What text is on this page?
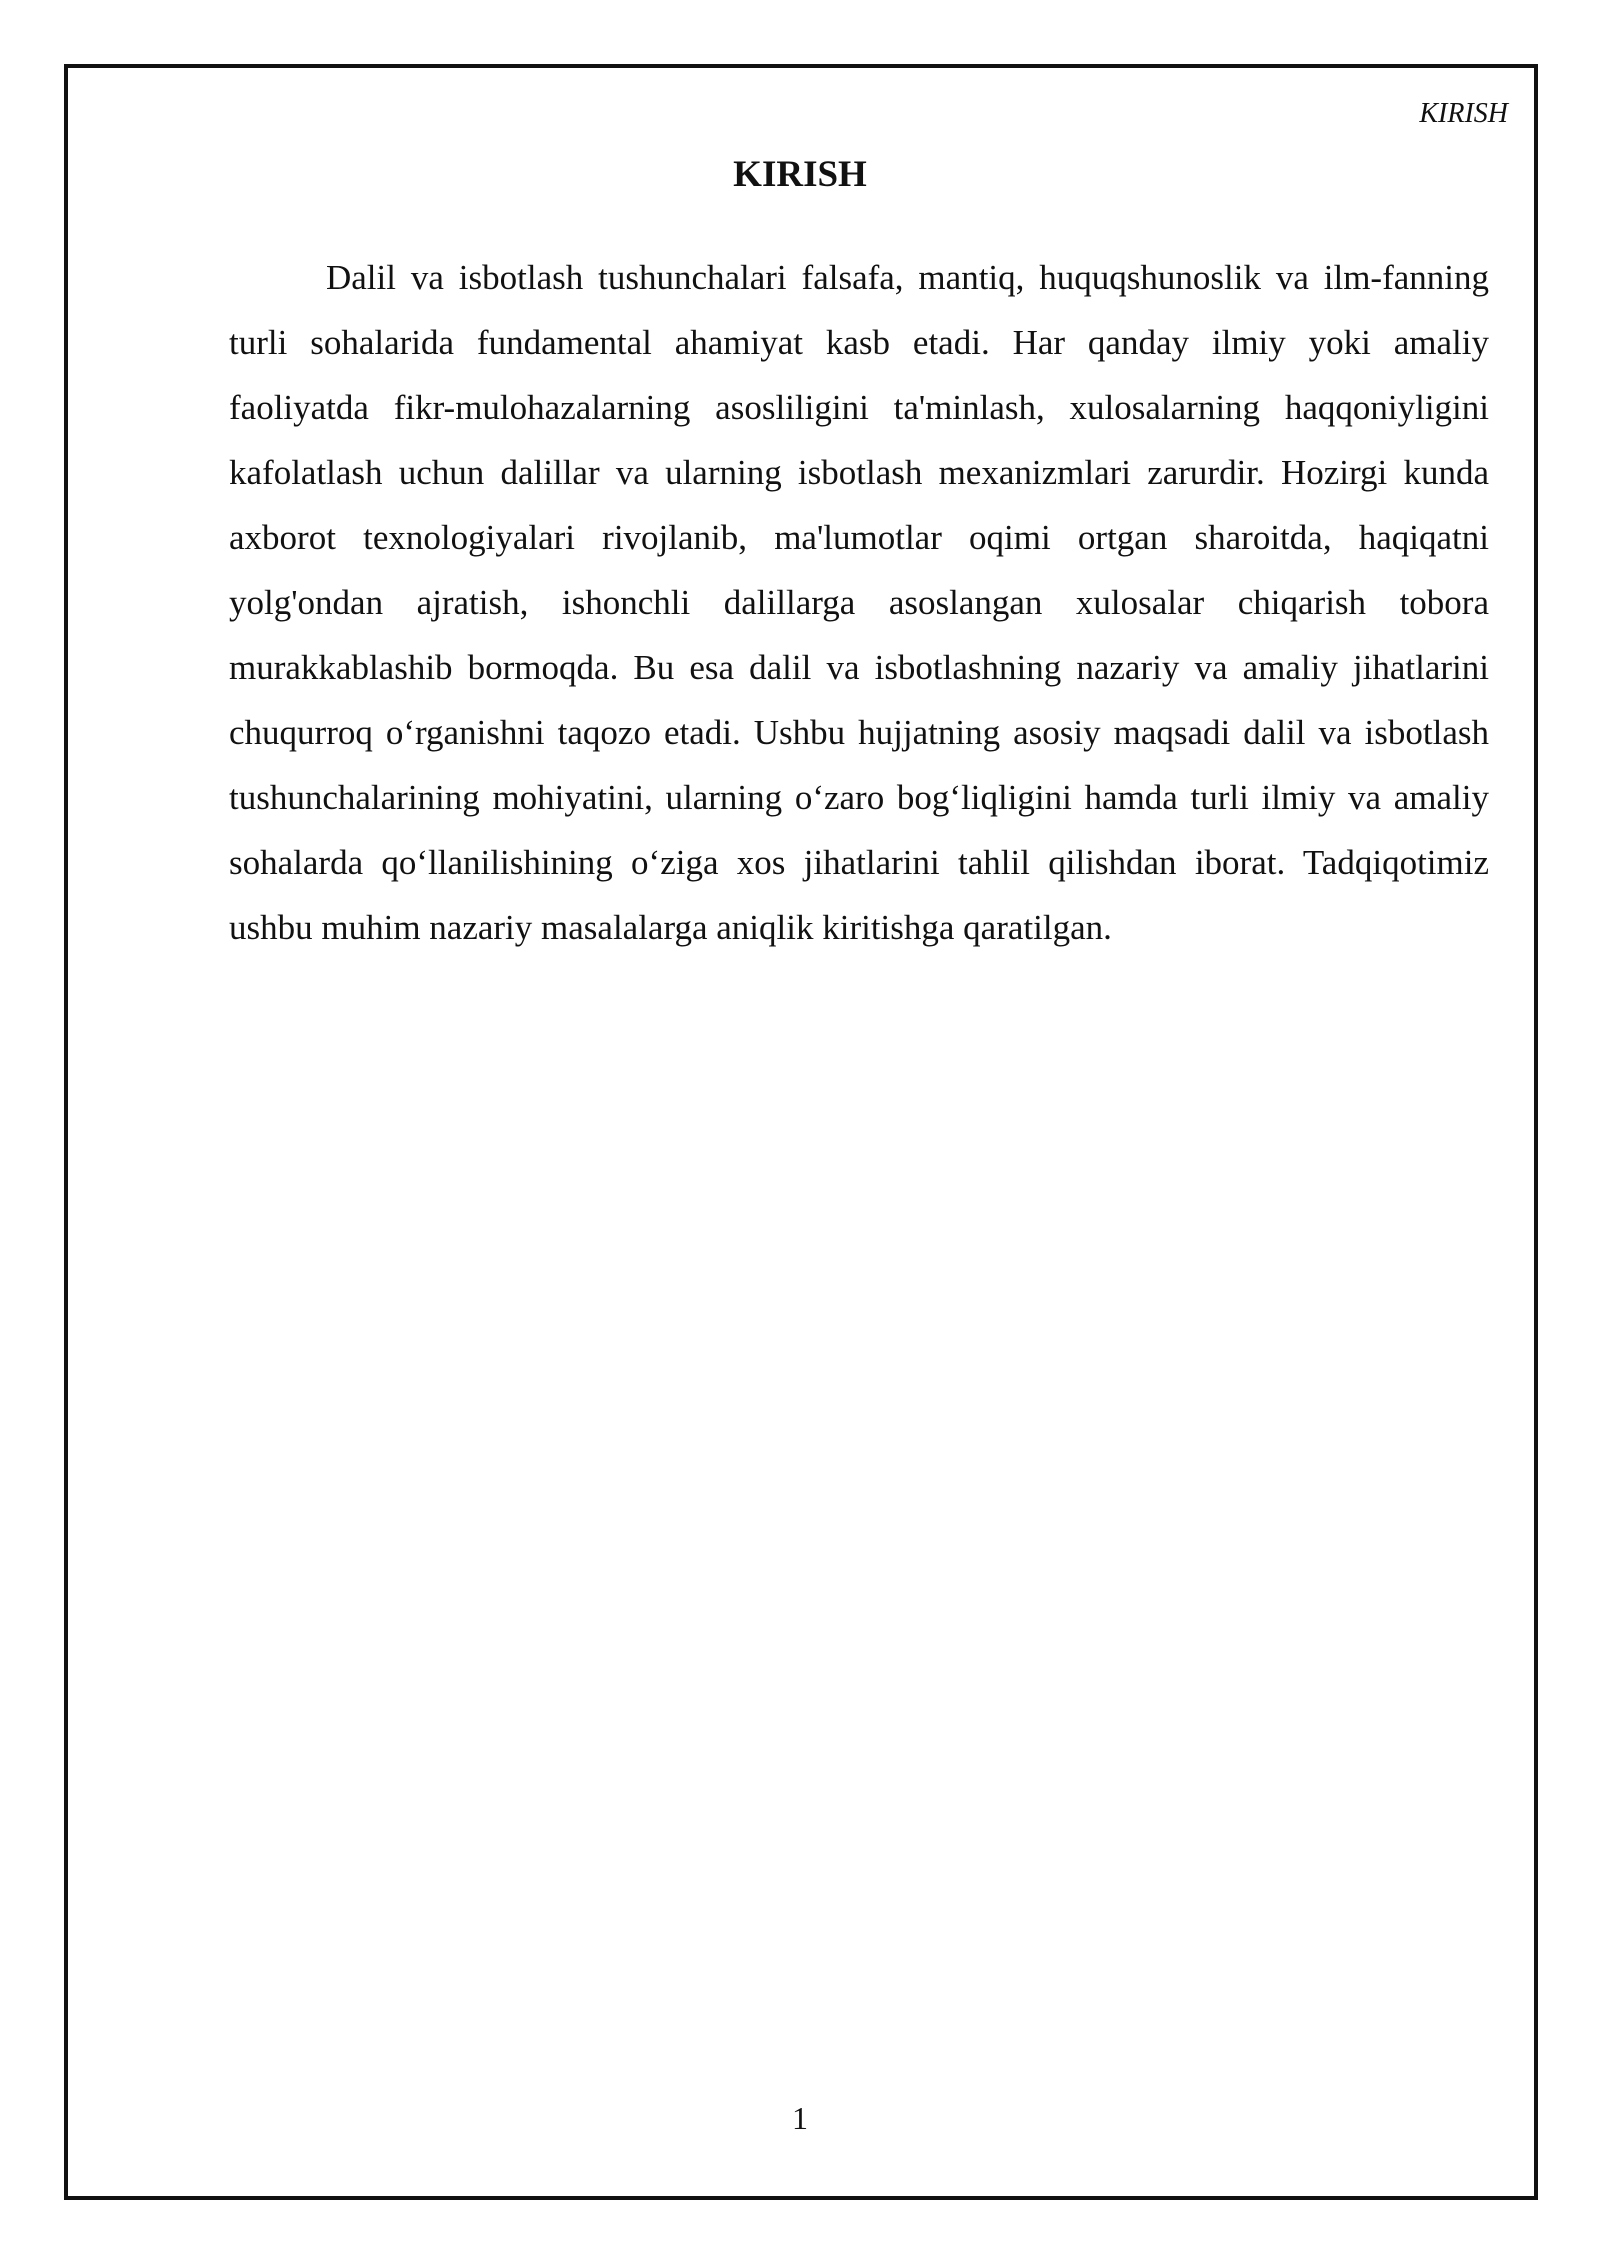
KIRISH
KIRISH

Dalil va isbotlash tushunchalari falsafa, mantiq, huquqshunoslik va ilm-fanning turli sohalarida fundamental ahamiyat kasb etadi. Har qanday ilmiy yoki amaliy faoliyatda fikr-mulohazalarning asosliligini ta'minlash, xulosalarning haqqoniyligini kafolatlash uchun dalillar va ularning isbotlash mexanizmlari zarurdir. Hozirgi kunda axborot texnologiyalari rivojlanib, ma'lumotlar oqimi ortgan sharoitda, haqiqatni yolg'ondan ajratish, ishonchli dalillarga asoslangan xulosalar chiqarish tobora murakkablashib bormoqda. Bu esa dalil va isbotlashning nazariy va amaliy jihatlarini chuqurroq o‘rganishni taqozo etadi. Ushbu hujjatning asosiy maqsadi dalil va isbotlash tushunchalarining mohiyatini, ularning o‘zaro bog‘liqligini hamda turli ilmiy va amaliy sohalarda qo‘llanilishining o‘ziga xos jihatlarini tahlil qilishdan iborat. Tadqiqotimiz ushbu muhim nazariy masalalarga aniqlik kiritishga qaratilgan.

1
